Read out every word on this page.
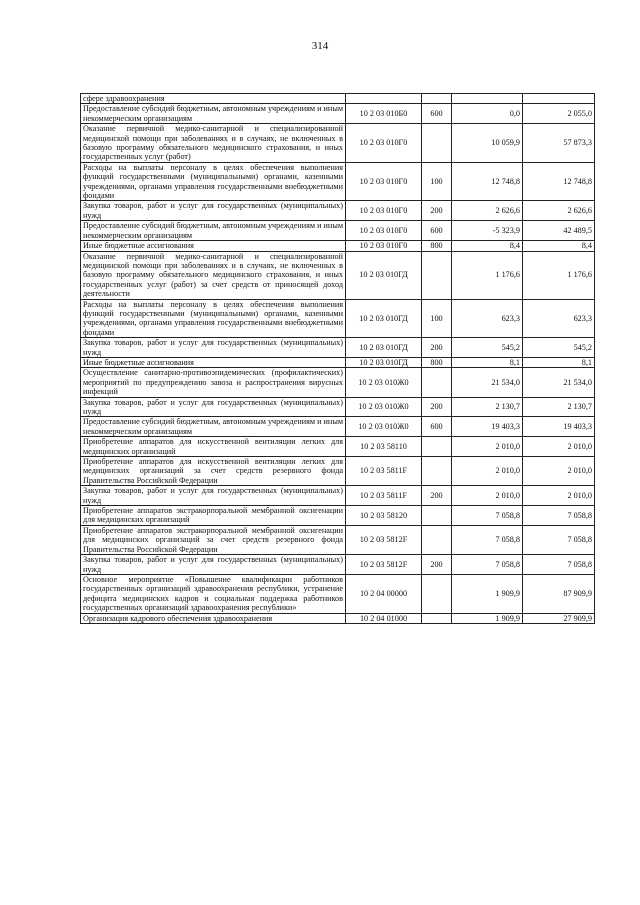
314
сфере здравоохранения				
Предоставление субсидий бюджетным, автономным учреждениям и иным некоммерческим организациям	10 2 03 010Б0	600	0,0	2 055,0
Оказание первичной медико-санитарной и специализированной медицинской помощи при заболеваниях и в случаях, не включенных в базовую программу обязательного медицинского страхования, и иных государственных услуг (работ)	10 2 03 010Г0		10 059,9	57 873,3
Расходы на выплаты персоналу в целях обеспечения выполнения функций государственными (муниципальными) органами, казенными учреждениями, органами управления государственными внебюджетными фондами	10 2 03 010Г0	100	12 748,8	12 748,8
Закупка товаров, работ и услуг для государственных (муниципальных) нужд	10 2 03 010Г0	200	2 626,6	2 626,6
Предоставление субсидий бюджетным, автономным учреждениям и иным некоммерческим организациям	10 2 03 010Г0	600	-5 323,9	42 489,5
Иные бюджетные ассигнования	10 2 03 010Г0	800	8,4	8,4
Оказание первичной медико-санитарной и специализированной медицинской помощи при заболеваниях и в случаях, не включенных в базовую программу обязательного медицинского страхования, и иных государственных услуг (работ) за счет средств от приносящей доход деятельности	10 2 03 010ГД		1 176,6	1 176,6
Расходы на выплаты персоналу в целях обеспечения выполнения функций государственными (муниципальными) органами, казенными учреждениями, органами управления государственными внебюджетными фондами	10 2 03 010ГД	100	623,3	623,3
Закупка товаров, работ и услуг для государственных (муниципальных) нужд	10 2 03 010ГД	200	545,2	545,2
Иные бюджетные ассигнования	10 2 03 010ГД	800	8,1	8,1
Осуществление санитарно-противоэпидемических (профилактических) мероприятий по предупреждению завоза и распространения вирусных инфекций	10 2 03 010Ж0		21 534,0	21 534,0
Закупка товаров, работ и услуг для государственных (муниципальных) нужд	10 2 03 010Ж0	200	2 130,7	2 130,7
Предоставление субсидий бюджетным, автономным учреждениям и иным некоммерческим организациям	10 2 03 010Ж0	600	19 403,3	19 403,3
Приобретение аппаратов для искусственной вентиляции легких для медицинских организаций	10 2 03 58110		2 010,0	2 010,0
Приобретение аппаратов для искусственной вентиляции легких для медицинских организаций за счет средств резервного фонда Правительства Российской Федерации	10 2 03 5811F		2 010,0	2 010,0
Закупка товаров, работ и услуг для государственных (муниципальных) нужд	10 2 03 5811F	200	2 010,0	2 010,0
Приобретение аппаратов экстракорпоральной мембранной оксигенации для медицинских организаций	10 2 03 58120		7 058,8	7 058,8
Приобретение аппаратов экстракорпоральной мембранной оксигенации для медицинских организаций за счет средств резервного фонда Правительства Российской Федерации	10 2 03 5812F		7 058,8	7 058,8
Закупка товаров, работ и услуг для государственных (муниципальных) нужд	10 2 03 5812F	200	7 058,8	7 058,8
Основное мероприятие «Повышение квалификации работников государственных организаций здравоохранения республики, устранение дефицита медицинских кадров и социальная поддержка работников государственных организаций здравоохранения республики»	10 2 04 00000		1 909,9	87 909,9
Организация кадрового обеспечения здравоохранения	10 2 04 01000		1 909,9	27 909,9
